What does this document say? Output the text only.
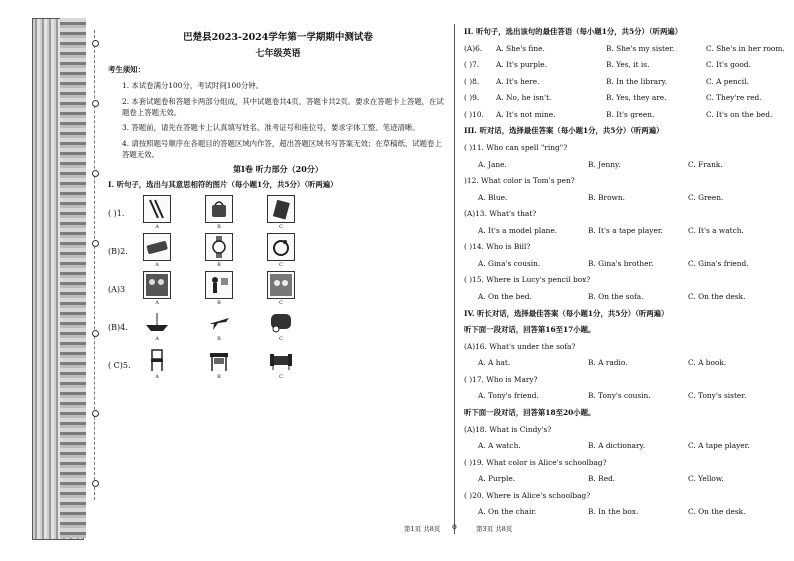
巴楚县2023-2024学年第一学期期中测试卷
七年级英语
考生须知：
1. 本试卷满分100分，考试时间100分钟。
2. 本套试题卷和答题卡两部分组成，其中试题卷共4页，答题卡共2页。要求在答题卡上答题，在试题卷上答题无效。
3. 答题前，请先在答题卡上认真填写姓名、准考证号和座位号，要求字体工整、笔迹清晰。
4. 请按照题号顺序在各题目的答题区域内作答，超出答题区域书写答案无效；在草稿纸、试题卷上答题无效。
第Ⅰ卷 听力部分（20分）
I. 听句子，选出与其意思相符的图片（每小题1分，共5分）（听两遍）
( )1.
A	B	C
(B)2.
A	B	C
(A)3
A	B	C
(B)4.
A	B	C
( C)5.
A	B	C
II. 听句子，选出该句的最佳答语（每小题1分，共5分）（听两遍）
(A)6. A. She's fine.	B. She's my sister.	C. She's in her room.
( )7. A. It's purple.	B. Yes, it is.	C. It's good.
( )8. A. It's here.	B. In the library.	C. A pencil.
( )9. A. No, he isn't.	B. Yes, they are.	C. They're red.
( )10. A. It's not mine.	B. It's green.	C. It's on the bed.
III. 听对话，选择最佳答案（每小题1分，共5分）（听两遍）
( )11. Who can spell "ring"?
A. Jane.	B. Jenny.	C. Frank.
)12. What color is Tom's pen?
A. Blue.	B. Brown.	C. Green.
(A)13. What's that?
A. It's a model plane.	B. It's a tape player.	C. It's a watch.
( )14. Who is Bill?
A. Gina's cousin.	B. Gina's brother.	C. Gina's friend.
( )15. Where is Lucy's pencil box?
A. On the bed.	B. On the sofa.	C. On the desk.
IV. 听长对话，选择最佳答案（每小题1分，共5分）（听两遍）
听下面一段对话，回答第16至17小题。
(A)16. What's under the sofa?
A. A hat.	B. A radio.	C. A book.
( )17. Who is Mary?
A. Tony's friend.	B. Tony's cousin.	C. Tony's sister.
听下面一段对话，回答第18至20小题。
(A)18. What is Cindy's?
A. A watch.	B. A dictionary.	C. A tape player.
( )19. What color is Alice's schoolbag?
A. Purple.	B. Red.	C. Yellow.
( )20. Where is Alice's schoolbag?
A. On the chair.	B. In the box.	C. On the desk.
第1页 共8页 o	第3页 共8页
